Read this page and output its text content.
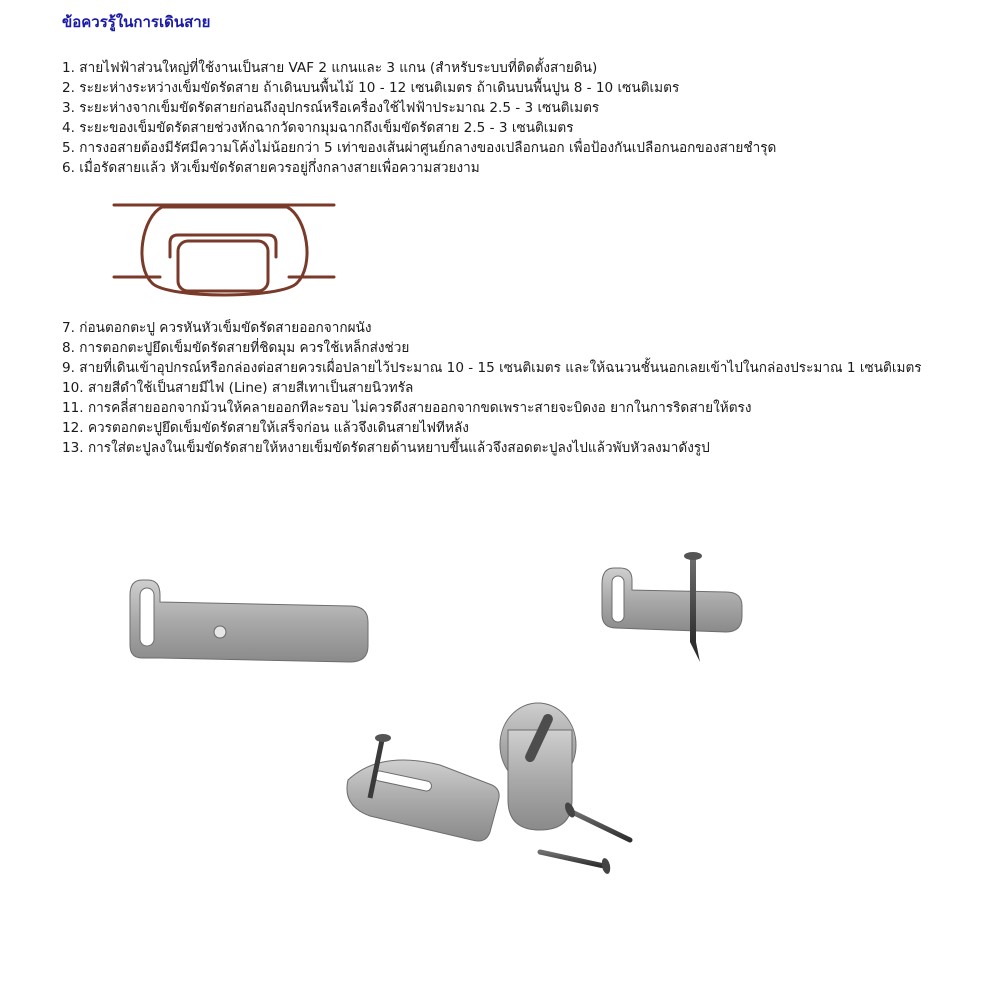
ข้อควรรู้ในการเดินสาย
1. สายไฟฟ้าส่วนใหญ่ที่ใช้งานเป็นสาย VAF 2 แกนและ 3 แกน (สำหรับระบบที่ติดตั้งสายดิน)
2. ระยะห่างระหว่างเข็มขัดรัดสาย ถ้าเดินบนพื้นไม้ 10 - 12 เซนติเมตร ถ้าเดินบนพื้นปูน 8 - 10 เซนติเมตร
3. ระยะห่างจากเข็มขัดรัดสายก่อนถึงอุปกรณ์หรือเครื่องใช้ไฟฟ้าประมาณ 2.5 - 3 เซนติเมตร
4. ระยะของเข็มขัดรัดสายช่วงหักฉากวัดจากมุมฉากถึงเข็มขัดรัดสาย 2.5 - 3 เซนติเมตร
5. การงอสายต้องมีรัศมีความโค้งไม่น้อยกว่า 5 เท่าของเส้นผ่าศูนย์กลางของเปลือกนอก เพื่อป้องกันเปลือกนอกของสายชำรุด
6. เมื่อรัดสายแล้ว หัวเข็มขัดรัดสายควรอยู่กึ่งกลางสายเพื่อความสวยงาม
7. ก่อนตอกตะปู ควรหันหัวเข็มขัดรัดสายออกจากผนัง
8. การตอกตะปูยึดเข็มขัดรัดสายที่ชิดมุม ควรใช้เหล็กส่งช่วย
9. สายที่เดินเข้าอุปกรณ์หรือกล่องต่อสายควรเผื่อปลายไว้ประมาณ 10 - 15 เซนติเมตร และให้ฉนวนชั้นนอกเลยเข้าไปในกล่องประมาณ 1 เซนติเมตร
10. สายสีดำใช้เป็นสายมีไฟ (Line) สายสีเทาเป็นสายนิวทรัล
11. การคลี่สายออกจากม้วนให้คลายออกทีละรอบ ไม่ควรดึงสายออกจากขดเพราะสายจะบิดงอ ยากในการริดสายให้ตรง
12. ควรตอกตะปูยึดเข็มขัดรัดสายให้เสร็จก่อน แล้วจึงเดินสายไฟทีหลัง
13. การใส่ตะปูลงในเข็มขัดรัดสายให้หงายเข็มขัดรัดสายด้านหยาบขึ้นแล้วจึงสอดตะปูลงไปแล้วพับหัวลงมาดังรูป
